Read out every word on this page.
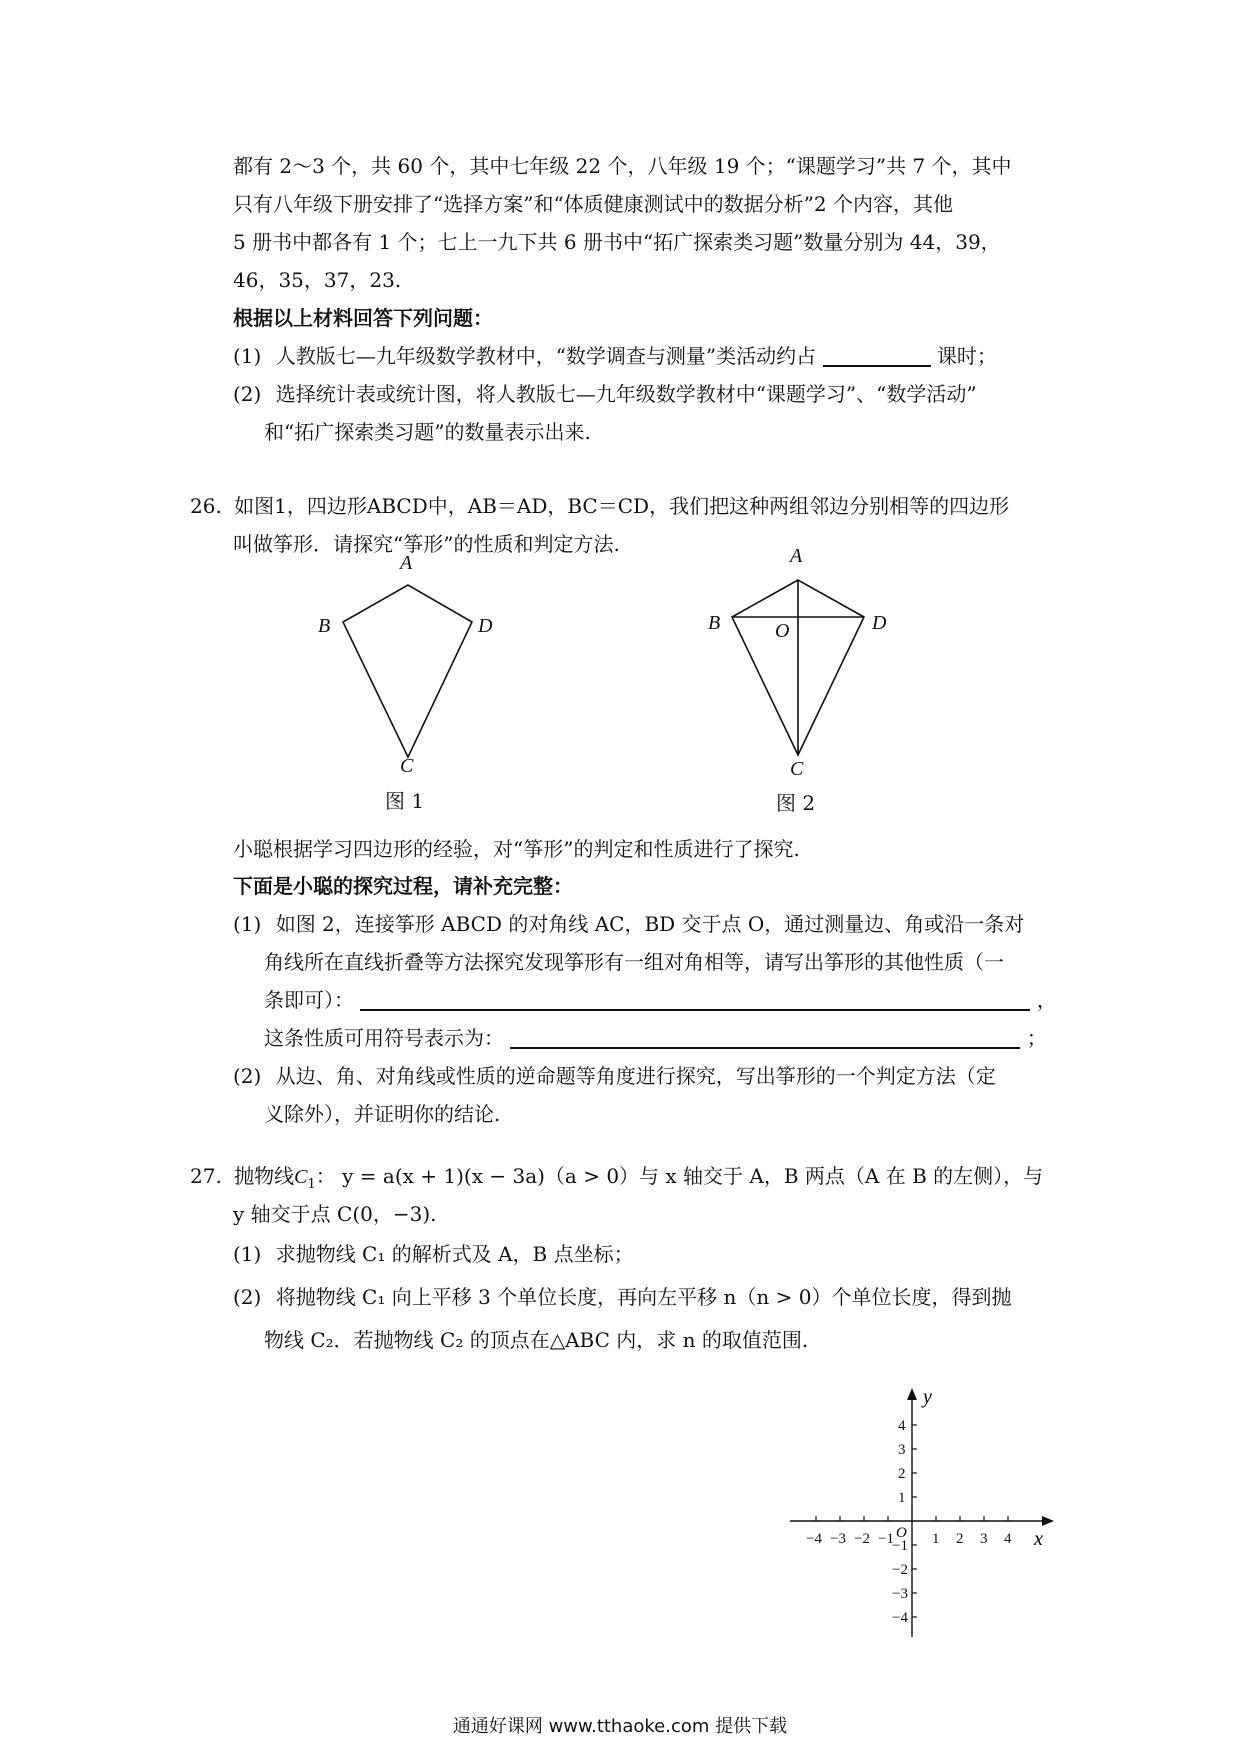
都有 2～3 个，共 60 个，其中七年级 22 个，八年级 19 个；“课题学习”共 7 个，其中
只有八年级下册安排了“选择方案”和“体质健康测试中的数据分析”2 个内容，其他
5 册书中都各有 1 个；七上一九下共 6 册书中“拓广探索类习题”数量分别为 44，39，
46，35，37，23.
根据以上材料回答下列问题：
(1) 人教版七—九年级数学教材中，“数学调查与测量”类活动约占	课时；
(2) 选择统计表或统计图，将人教版七—九年级数学教材中“课题学习”、“数学活动”
和“拓广探索类习题”的数量表示出来.
26. 如图1，四边形ABCD中，AB＝AD，BC＝CD，我们把这种两组邻边分别相等的四边形
叫做筝形．请探究“筝形”的性质和判定方法.
A
B	D
C
图 1
A
B	D
O
C
图 2
小聪根据学习四边形的经验，对“筝形”的判定和性质进行了探究.
下面是小聪的探究过程，请补充完整：
(1) 如图 2，连接筝形 ABCD 的对角线 AC，BD 交于点 O，通过测量边、角或沿一条对
角线所在直线折叠等方法探究发现筝形有一组对角相等，请写出筝形的其他性质（一
条即可）：	，
这条性质可用符号表示为：	；
(2) 从边、角、对角线或性质的逆命题等角度进行探究，写出筝形的一个判定方法（定
义除外），并证明你的结论.
27. 抛物线$C_1$： y = a(x + 1)(x − 3a)（a > 0）与 x 轴交于 A，B 两点（A 在 B 的左侧），与
y 轴交于点 C(0，−3).
(1) 求抛物线 C₁ 的解析式及 A，B 点坐标；
(2) 将抛物线 C₁ 向上平移 3 个单位长度，再向左平移 n（n > 0）个单位长度，得到抛
物线 C₂．若抛物线 C₂ 的顶点在△ABC 内，求 n 的取值范围.
−4 −3 −2 −1	1 2 3 4
4
3
2
1
−1
−2
−3
−4
y
x
O
通通好课网 www.tthaoke.com 提供下载
